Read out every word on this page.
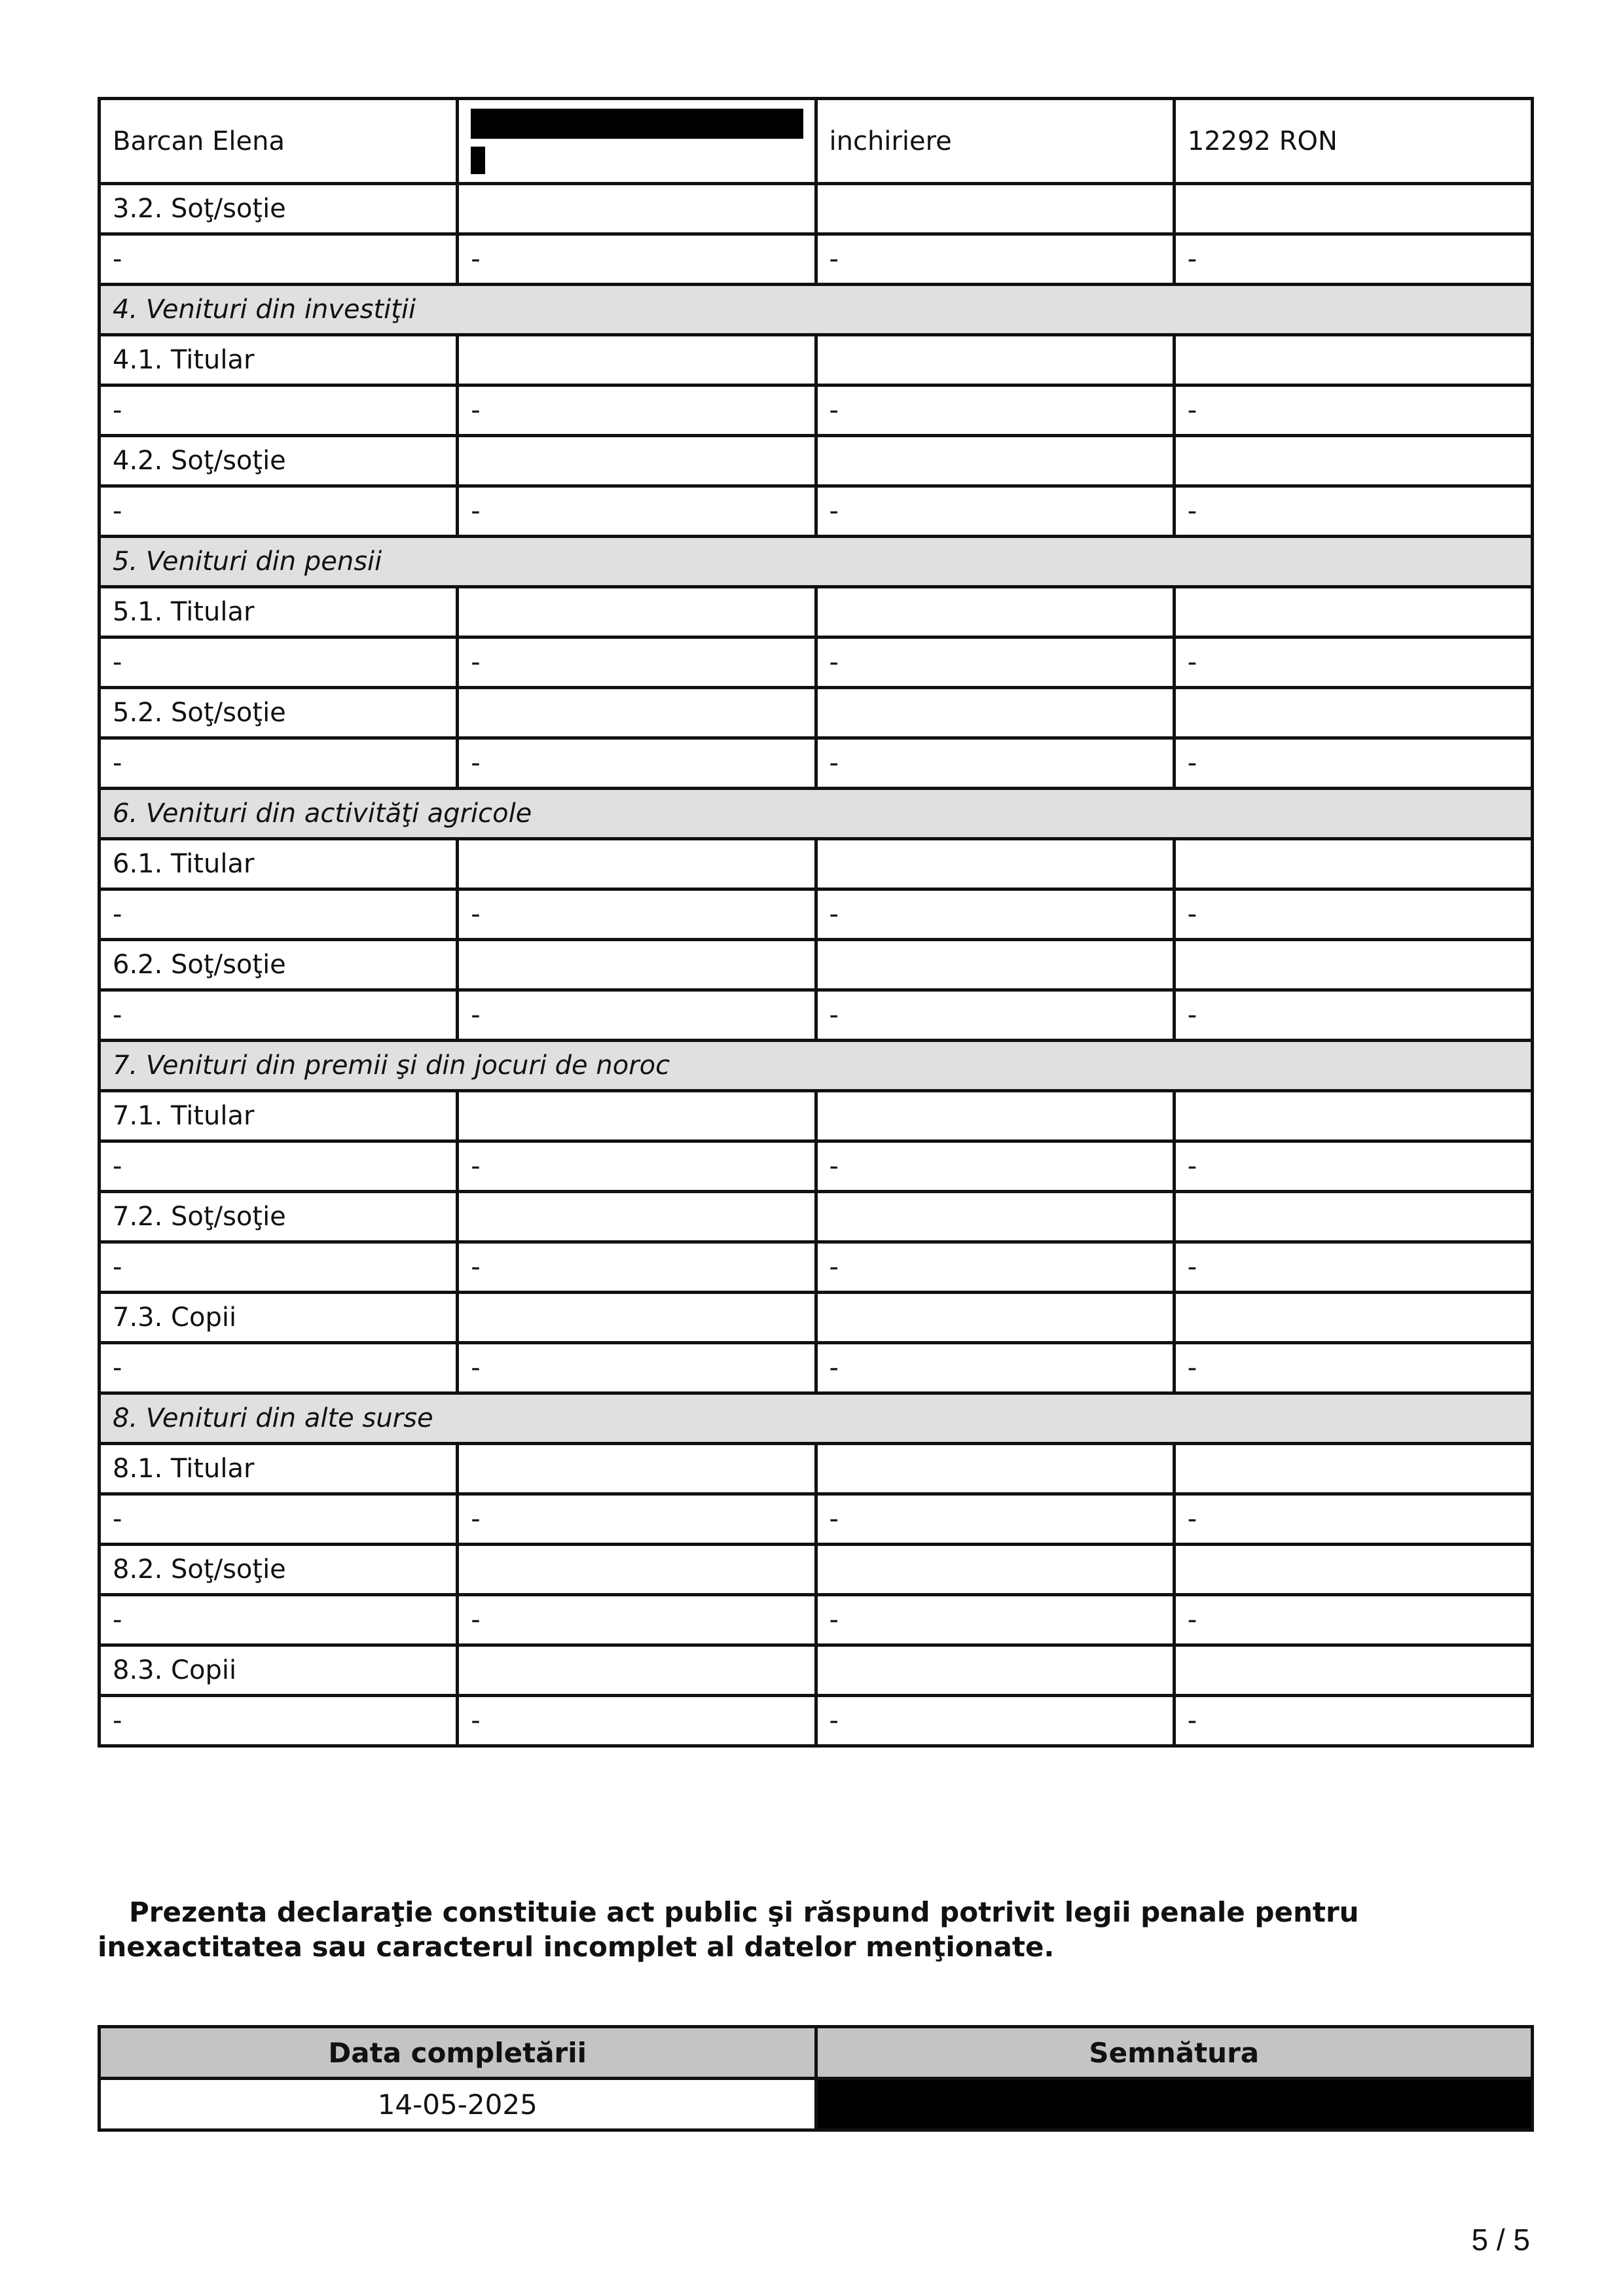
Barcan Elena		inchiriere	12292 RON
3.2. Soţ/soţie			
-	-	-	-
4. Venituri din investiţii			
4.1. Titular			
-	-	-	-
4.2. Soţ/soţie			
-	-	-	-
5. Venituri din pensii			
5.1. Titular			
-	-	-	-
5.2. Soţ/soţie			
-	-	-	-
6. Venituri din activităţi agricole			
6.1. Titular			
-	-	-	-
6.2. Soţ/soţie			
-	-	-	-
7. Venituri din premii şi din jocuri de noroc			
7.1. Titular			
-	-	-	-
7.2. Soţ/soţie			
-	-	-	-
7.3. Copii			
-	-	-	-
8. Venituri din alte surse			
8.1. Titular			
-	-	-	-
8.2. Soţ/soţie			
-	-	-	-
8.3. Copii			
-	-	-	-

Prezenta declaraţie constituie act public şi răspund potrivit legii penale pentru inexactitatea sau caracterul incomplet al datelor menţionate.

Data completării	Semnătura
14-05-2025	
5 / 5
